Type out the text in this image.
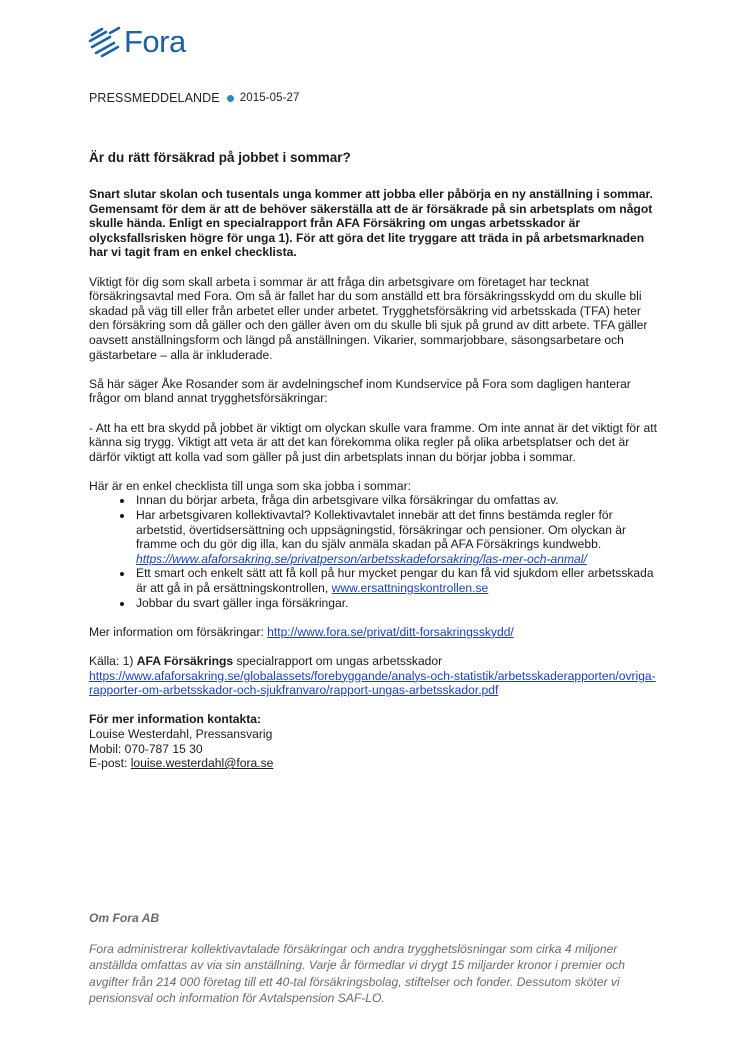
Fora
PRESSMEDDELANDE 2015-05-27
Är du rätt försäkrad på jobbet i sommar?

Snart slutar skolan och tusentals unga kommer att jobba eller påbörja en ny anställning i sommar. Gemensamt för dem är att de behöver säkerställa att de är försäkrade på sin arbetsplats om något skulle hända. Enligt en specialrapport från AFA Försäkring om ungas arbetsskador är olycksfallsrisken högre för unga 1). För att göra det lite tryggare att träda in på arbetsmarknaden har vi tagit fram en enkel checklista.

Viktigt för dig som skall arbeta i sommar är att fråga din arbetsgivare om företaget har tecknat försäkringsavtal med Fora. Om så är fallet har du som anställd ett bra försäkringsskydd om du skulle bli skadad på väg till eller från arbetet eller under arbetet. Trygghetsförsäkring vid arbetsskada (TFA) heter den försäkring som då gäller och den gäller även om du skulle bli sjuk på grund av ditt arbete. TFA gäller oavsett anställningsform och längd på anställningen. Vikarier, sommarjobbare, säsongsarbetare och gästarbetare – alla är inkluderade.

Så här säger Åke Rosander som är avdelningschef inom Kundservice på Fora som dagligen hanterar frågor om bland annat trygghetsförsäkringar:

- Att ha ett bra skydd på jobbet är viktigt om olyckan skulle vara framme. Om inte annat är det viktigt för att känna sig trygg. Viktigt att veta är att det kan förekomma olika regler på olika arbetsplatser och det är därför viktigt att kolla vad som gäller på just din arbetsplats innan du börjar jobba i sommar.

Här är en enkel checklista till unga som ska jobba i sommar:

• Innan du börjar arbeta, fråga din arbetsgivare vilka försäkringar du omfattas av.
• Har arbetsgivaren kollektivavtal? Kollektivavtalet innebär att det finns bestämda regler för arbetstid, övertidsersättning och uppsägningstid, försäkringar och pensioner. Om olyckan är framme och du gör dig illa, kan du själv anmäla skadan på AFA Försäkrings kundwebb.
https://www.afaforsakring.se/privatperson/arbetsskadeforsakring/las-mer-och-anmal/
• Ett smart och enkelt sätt att få koll på hur mycket pengar du kan få vid sjukdom eller arbetsskada är att gå in på ersättningskontrollen, www.ersattningskontrollen.se
• Jobbar du svart gäller inga försäkringar.

Mer information om försäkringar: http://www.fora.se/privat/ditt-forsakringsskydd/

Källa: 1) AFA Försäkrings specialrapport om ungas arbetsskador
https://www.afaforsakring.se/globalassets/forebyggande/analys-och-statistik/arbetsskaderapporten/ovriga-rapporter-om-arbetsskador-och-sjukfranvaro/rapport-ungas-arbetsskador.pdf

För mer information kontakta:

Louise Westerdahl, Pressansvarig

Mobil: 070-787 15 30

E-post: louise.westerdahl@fora.se

Om Fora AB
Fora administrerar kollektivavtalade försäkringar och andra trygghetslösningar som cirka 4 miljoner anställda omfattas av via sin anställning. Varje år förmedlar vi drygt 15 miljarder kronor i premier och avgifter från 214 000 företag till ett 40-tal försäkringsbolag, stiftelser och fonder. Dessutom sköter vi pensionsval och information för Avtalspension SAF-LO.
